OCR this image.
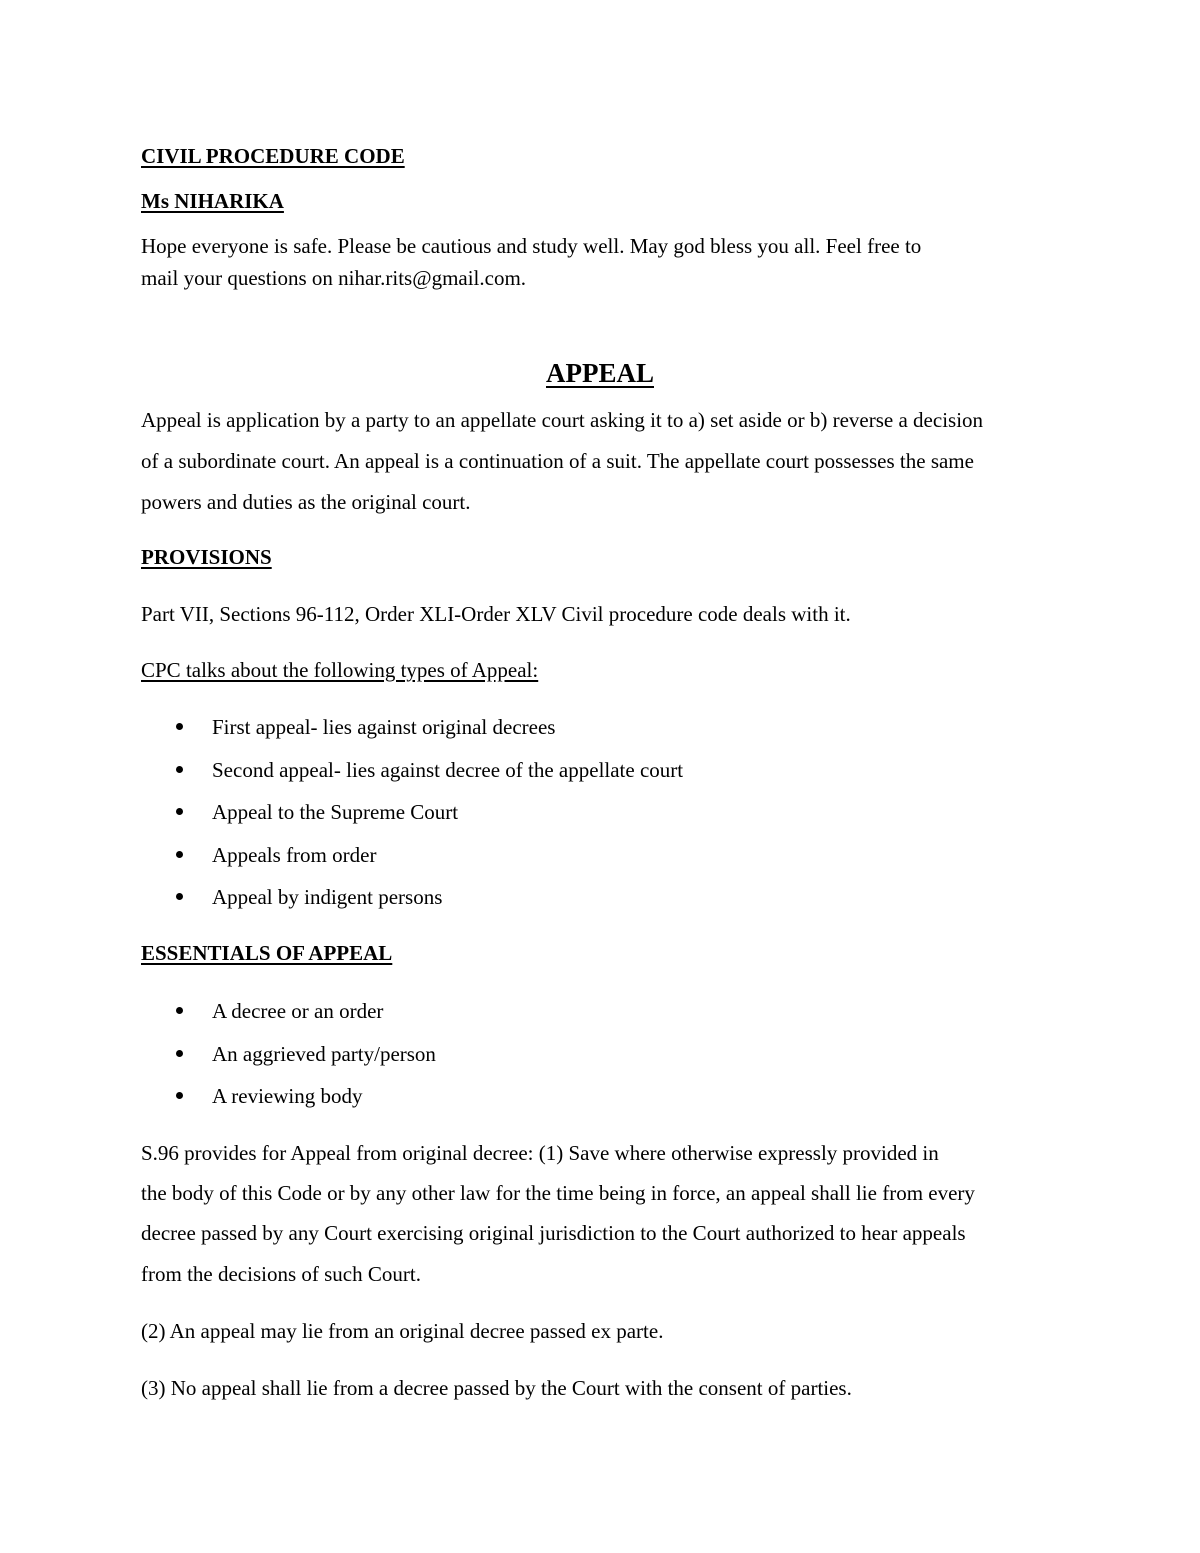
CIVIL PROCEDURE CODE
Ms NIHARIKA
Hope everyone is safe. Please be cautious and study well. May god bless you all. Feel free to
mail your questions on nihar.rits@gmail.com.
APPEAL
Appeal is application by a party to an appellate court asking it to a) set aside or b) reverse a decision
of a subordinate court. An appeal is a continuation of a suit. The appellate court possesses the same
powers and duties as the original court.
PROVISIONS
Part VII, Sections 96-112, Order XLI-Order XLV Civil procedure code deals with it.
CPC talks about the following types of Appeal:
First appeal- lies against original decrees
Second appeal- lies against decree of the appellate court
Appeal to the Supreme Court
Appeals from order
Appeal by indigent persons
ESSENTIALS OF APPEAL
A decree or an order
An aggrieved party/person
A reviewing body
S.96 provides for Appeal from original decree: (1) Save where otherwise expressly provided in
the body of this Code or by any other law for the time being in force, an appeal shall lie from every
decree passed by any Court exercising original jurisdiction to the Court authorized to hear appeals
from the decisions of such Court.
(2) An appeal may lie from an original decree passed ex parte.
(3) No appeal shall lie from a decree passed by the Court with the consent of parties.
